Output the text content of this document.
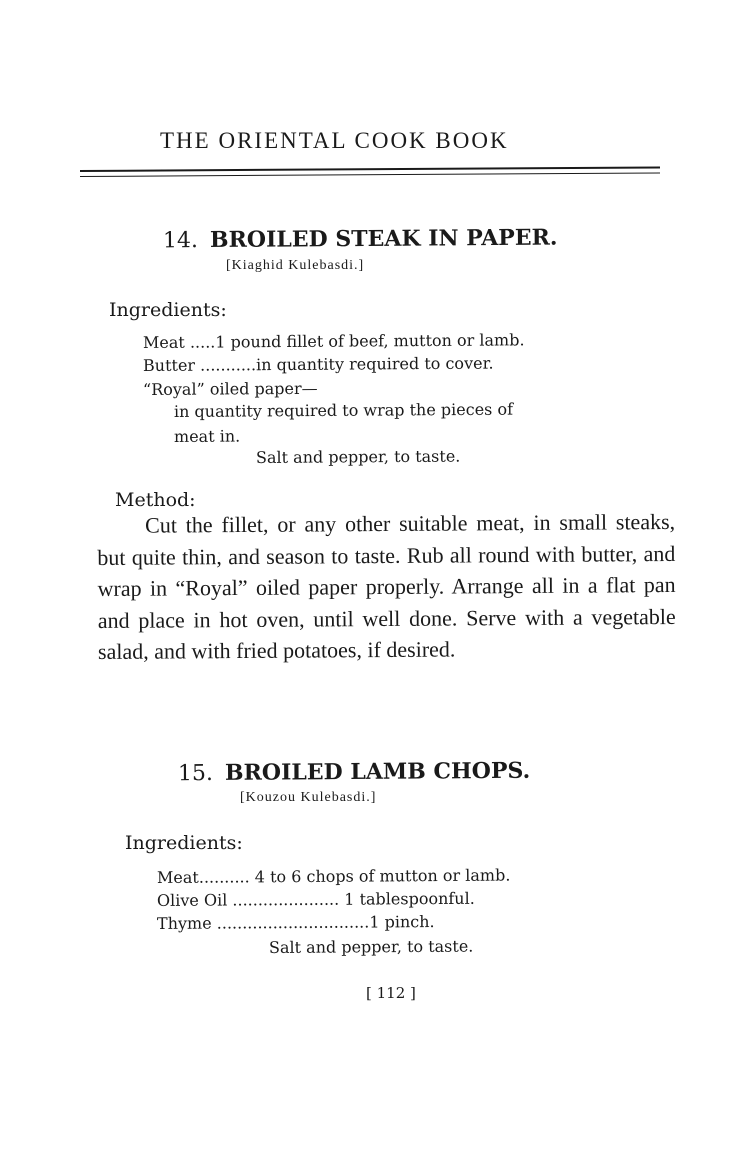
THE ORIENTAL COOK BOOK
14. BROILED STEAK IN PAPER.
[Kiaghid Kulebasdi.]
Ingredients:
Meat .....1 pound fillet of beef, mutton or lamb.
Butter ...........in quantity required to cover.
“Royal” oiled paper—
in quantity required to wrap the pieces of
meat in.
Salt and pepper, to taste.
Method:
Cut the fillet, or any other suitable meat, in small steaks, but quite thin, and season to taste. Rub all round with butter, and wrap in “Royal” oiled paper properly. Arrange all in a flat pan and place in hot oven, until well done. Serve with a vegetable salad, and with fried potatoes, if desired.
15. BROILED LAMB CHOPS.
[Kouzou Kulebasdi.]
Ingredients:
Meat.......... 4 to 6 chops of mutton or lamb.
Olive Oil ..................... 1 tablespoonful.
Thyme ..............................1 pinch.
Salt and pepper, to taste.
[ 112 ]
